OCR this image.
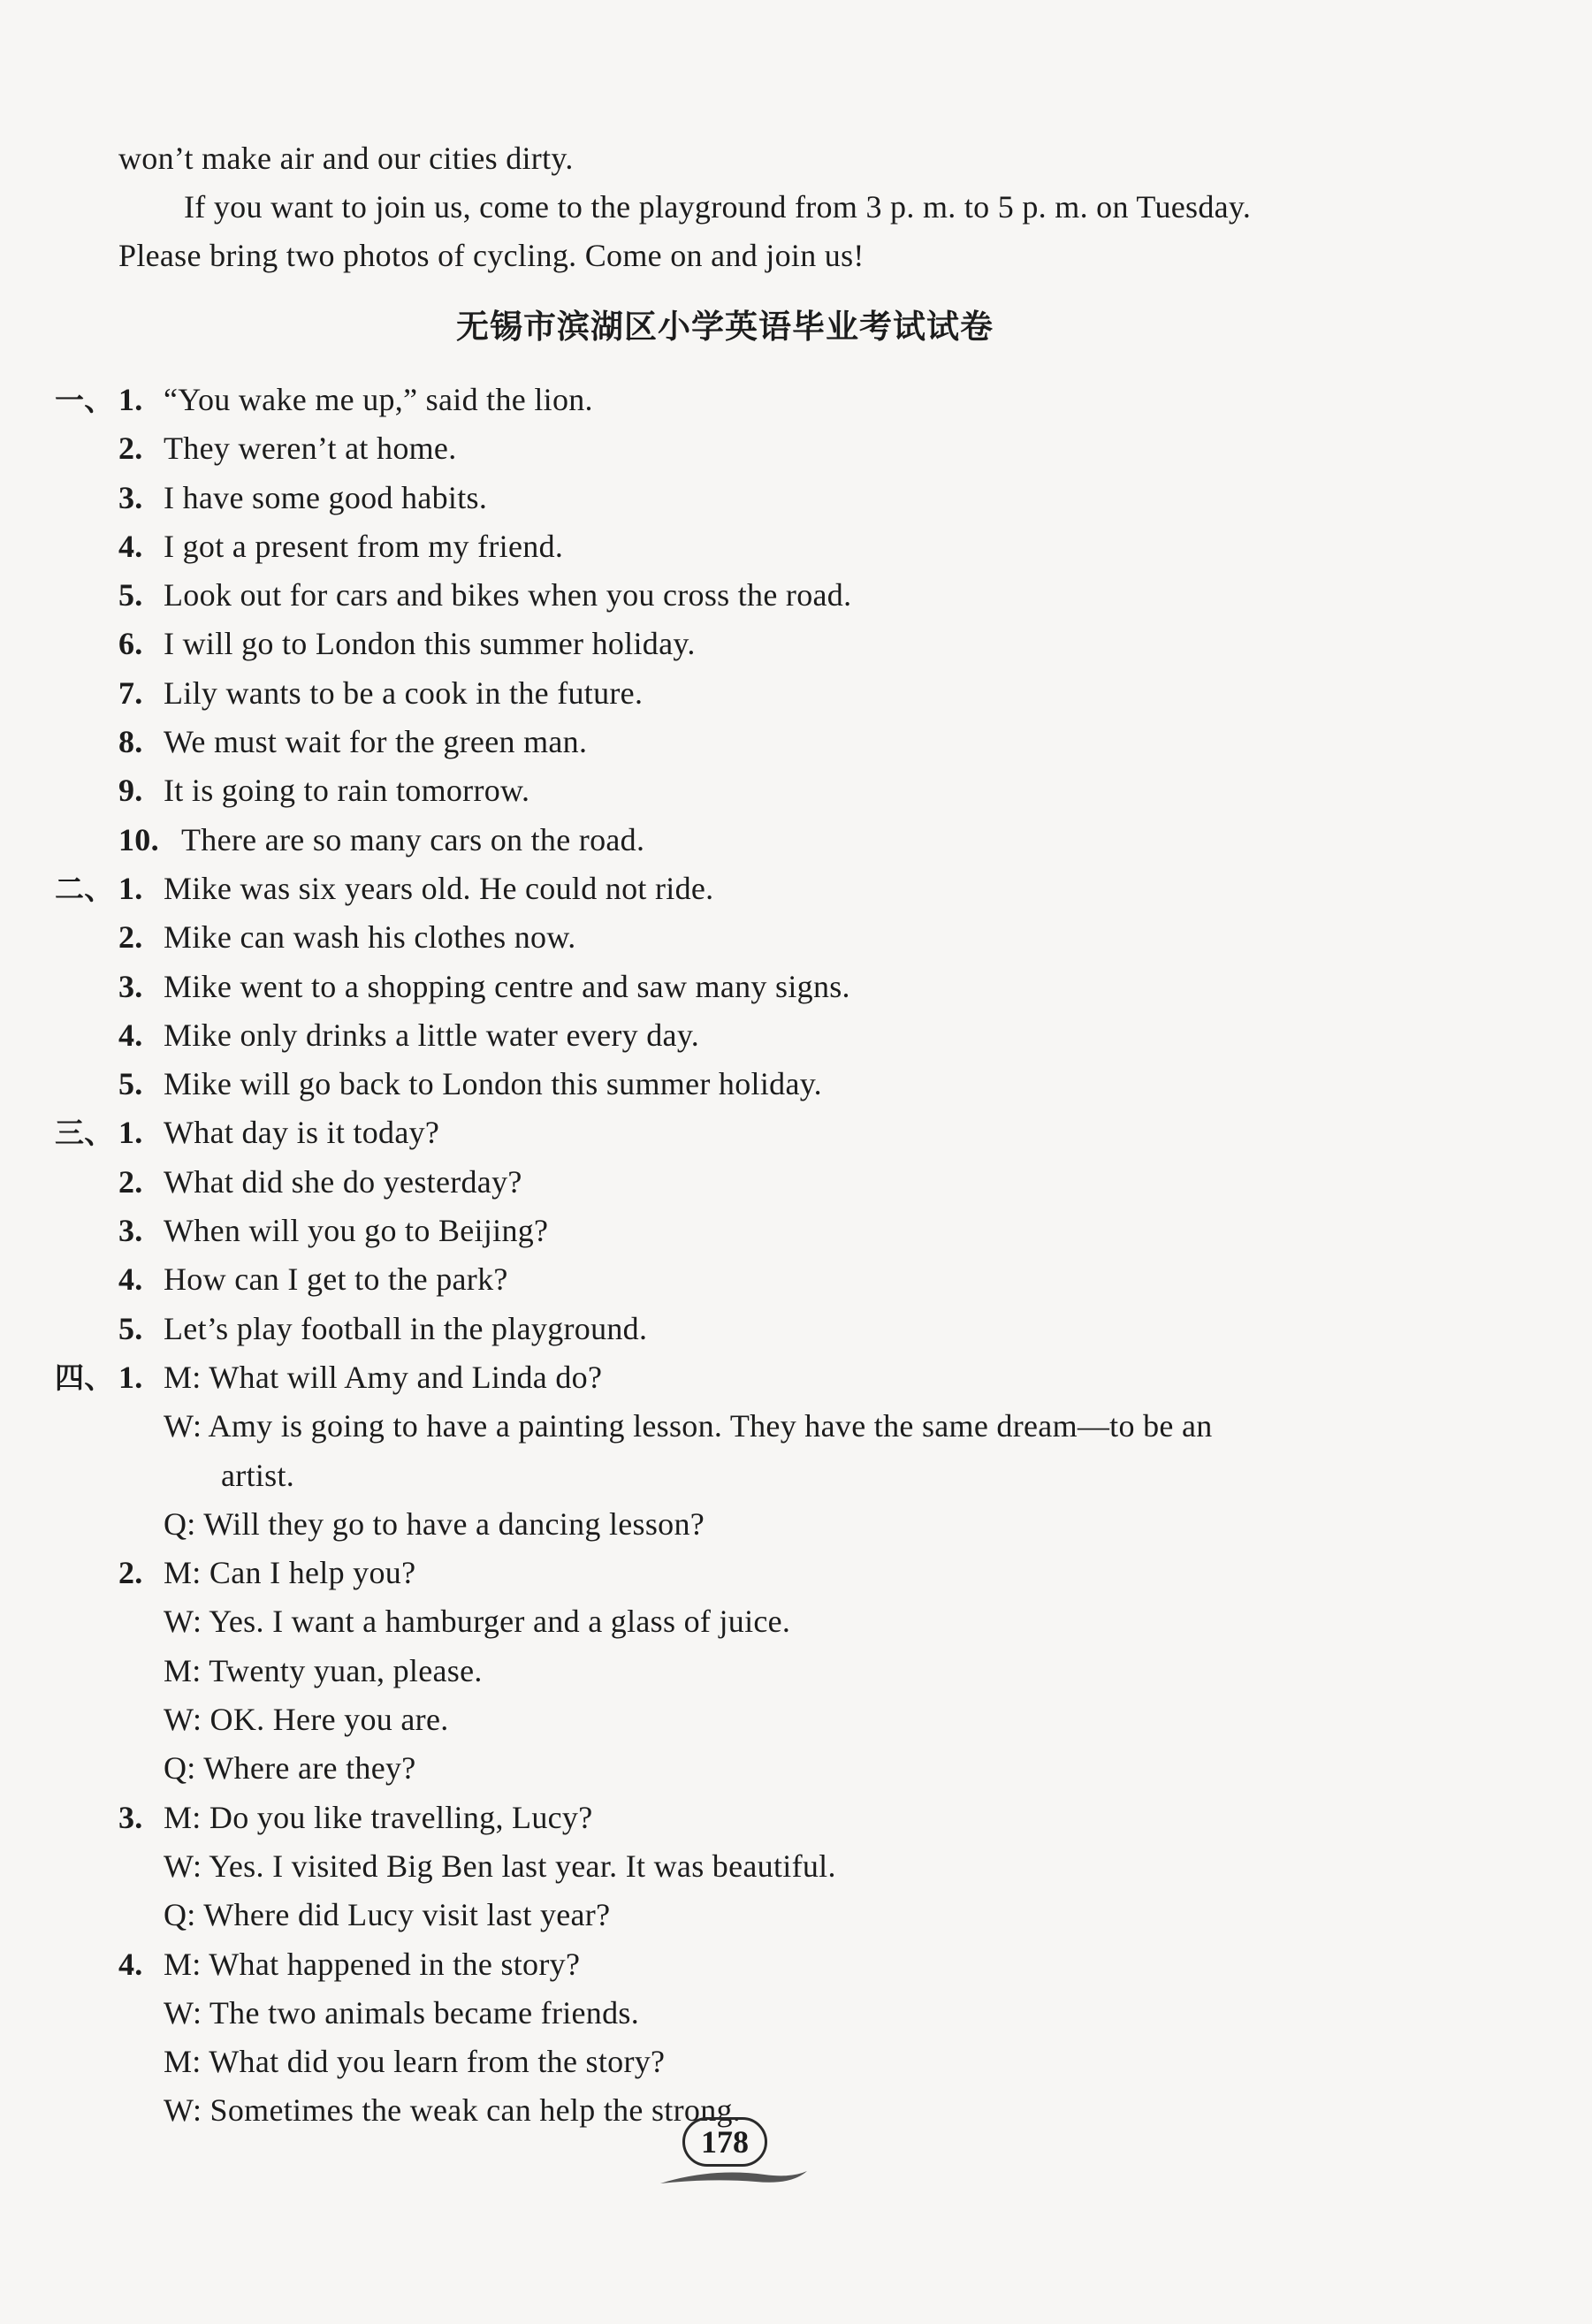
won’t make air and our cities dirty.

If you want to join us, come to the playground from 3 p. m. to 5 p. m. on Tuesday.

Please bring two photos of cycling. Come on and join us!

无锡市滨湖区小学英语毕业考试试卷
一、 1. “You wake me up,” said the lion.
2. They weren’t at home.
3. I have some good habits.
4. I got a present from my friend.
5. Look out for cars and bikes when you cross the road.
6. I will go to London this summer holiday.
7. Lily wants to be a cook in the future.
8. We must wait for the green man.
9. It is going to rain tomorrow.
10. There are so many cars on the road.
二、 1. Mike was six years old. He could not ride.
2. Mike can wash his clothes now.
3. Mike went to a shopping centre and saw many signs.
4. Mike only drinks a little water every day.
5. Mike will go back to London this summer holiday.
三、 1. What day is it today?
2. What did she do yesterday?
3. When will you go to Beijing?
4. How can I get to the park?
5. Let’s play football in the playground.
四、 1. M: What will Amy and Linda do?
W: Amy is going to have a painting lesson. They have the same dream—to be an
artist.
Q: Will they go to have a dancing lesson?
2. M: Can I help you?
W: Yes. I want a hamburger and a glass of juice.
M: Twenty yuan, please.
W: OK. Here you are.
Q: Where are they?
3. M: Do you like travelling, Lucy?
W: Yes. I visited Big Ben last year. It was beautiful.
Q: Where did Lucy visit last year?
4. M: What happened in the story?
W: The two animals became friends.
M: What did you learn from the story?
W: Sometimes the weak can help the strong.
178
